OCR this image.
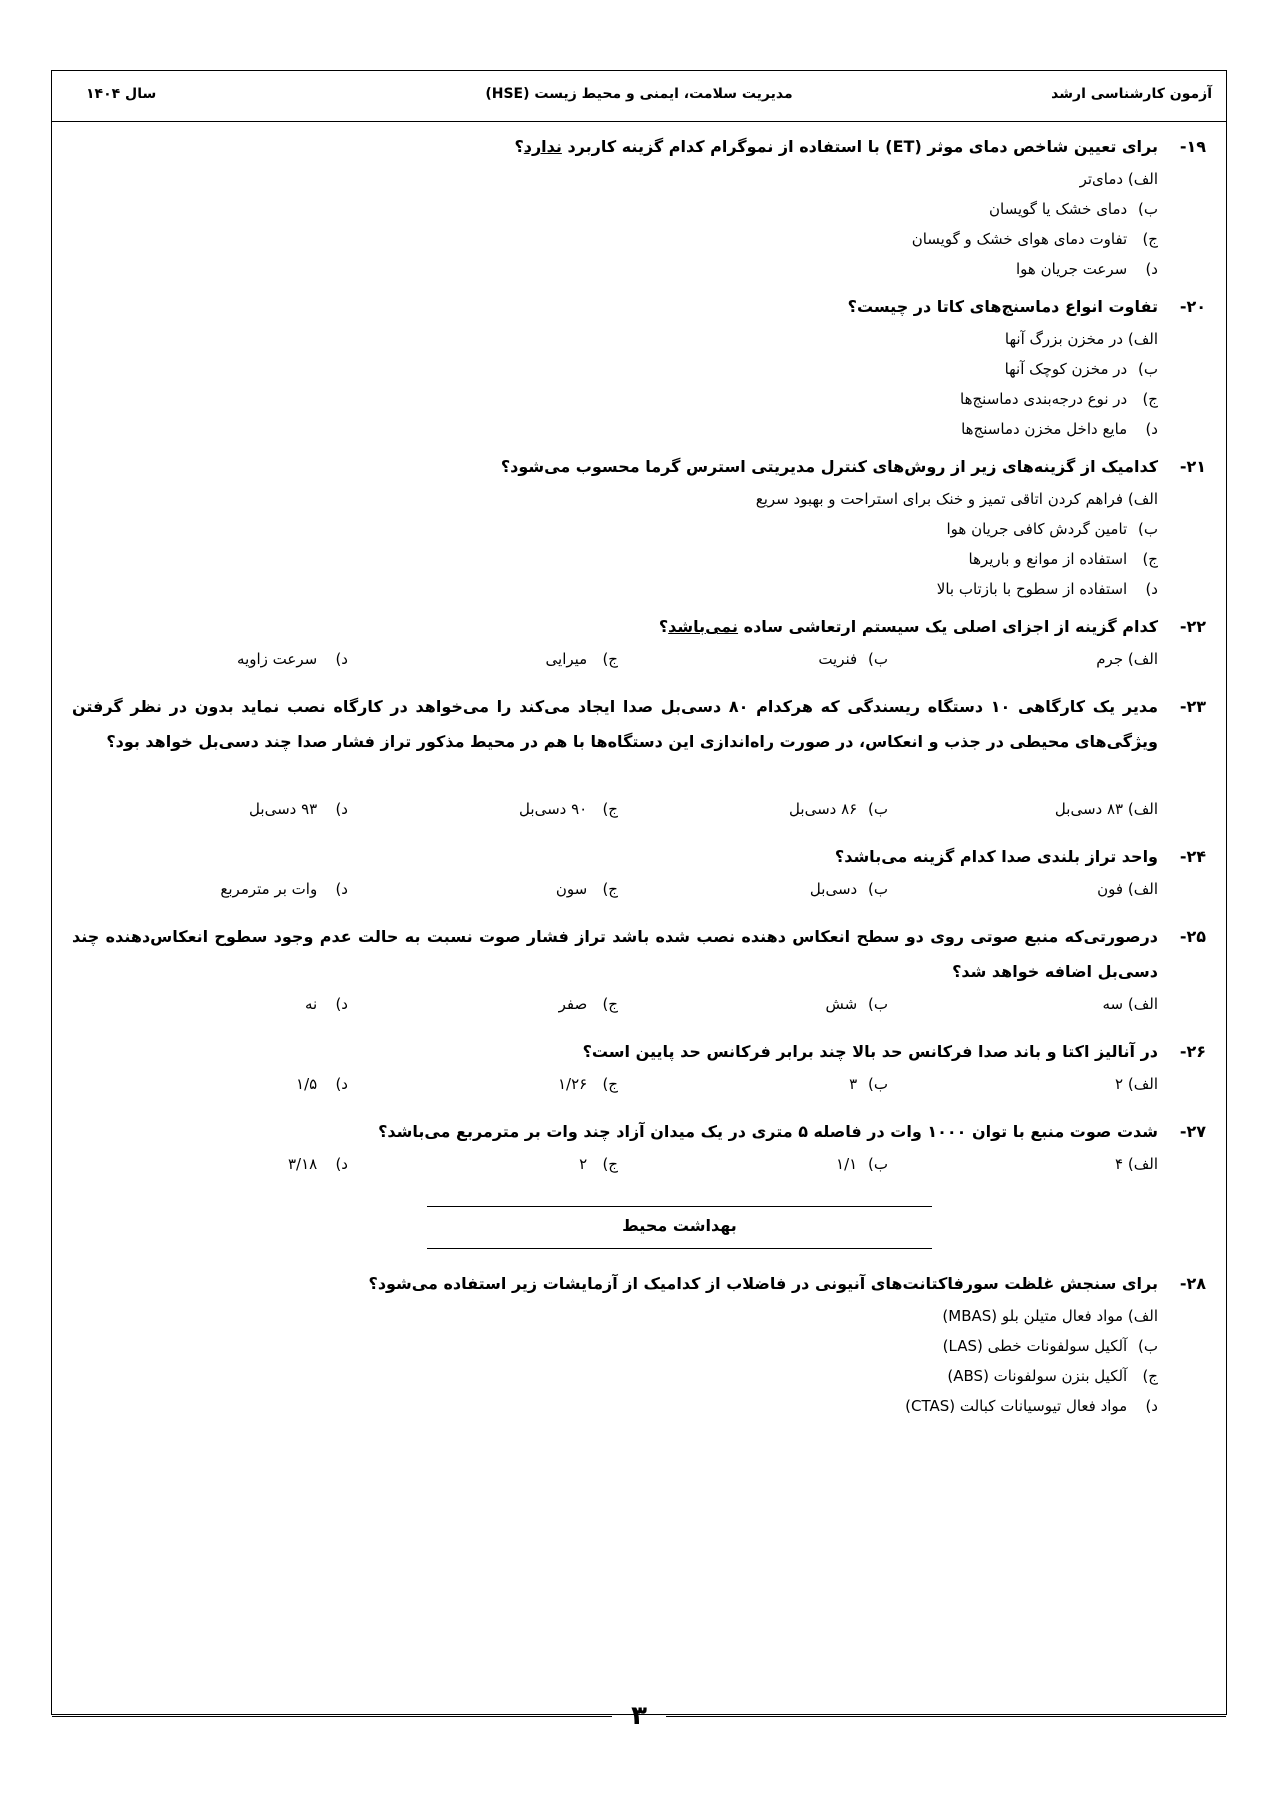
آزمون کارشناسی ارشد
مدیریت سلامت، ایمنی و محیط زیست (HSE)
سال ۱۴۰۴
۱۹-
برای تعیین شاخص دمای موثر (ET) با استفاده از نموگرام کدام گزینه کاربرد ندارد؟
الف) دمای‌تر
ب) دمای خشک یا گویسان
ج) تفاوت دمای هوای خشک و گویسان
د) سرعت جریان هوا
۲۰-
تفاوت انواع دماسنج‌های کاتا در چیست؟
الف) در مخزن بزرگ آنها
ب) در مخزن کوچک آنها
ج) در نوع درجه‌بندی دماسنج‌ها
د) مایع داخل مخزن دماسنج‌ها
۲۱-
کدامیک از گزینه‌های زیر از روش‌های کنترل مدیریتی استرس گرما محسوب می‌شود؟
الف) فراهم کردن اتاقی تمیز و خنک برای استراحت و بهبود سریع
ب) تامین گردش کافی جریان هوا
ج) استفاده از موانع و باریرها
د) استفاده از سطوح با بازتاب بالا
۲۲-
کدام گزینه از اجزای اصلی یک سیستم ارتعاشی ساده نمی‌باشد؟
الف) جرم
ب) فنریت
ج) میرایی
د) سرعت زاویه
۲۳-
مدیر یک کارگاهی ۱۰ دستگاه ریسندگی که هرکدام ۸۰ دسی‌بل صدا ایجاد می‌کند را می‌خواهد در کارگاه نصب نماید بدون در نظر گرفتن ویژگی‌های محیطی در جذب و انعکاس، در صورت راه‌اندازی این دستگاه‌ها با هم در محیط مذکور تراز فشار صدا چند دسی‌بل خواهد بود؟
الف) ۸۳ دسی‌بل
ب) ۸۶ دسی‌بل
ج) ۹۰ دسی‌بل
د) ۹۳ دسی‌بل
۲۴-
واحد تراز بلندی صدا کدام گزینه می‌باشد؟
الف) فون
ب) دسی‌بل
ج) سون
د) وات بر مترمربع
۲۵-
درصورتی‌که منبع صوتی روی دو سطح انعکاس دهنده نصب شده باشد تراز فشار صوت نسبت به حالت عدم وجود سطوح انعکاس‌دهنده چند دسی‌بل اضافه خواهد شد؟
الف) سه
ب) شش
ج) صفر
د) نه
۲۶-
در آنالیز اکتا و باند صدا فرکانس حد بالا چند برابر فرکانس حد پایین است؟
الف) ۲
ب) ۳
ج) ۱/۲۶
د) ۱/۵
۲۷-
شدت صوت منبع با توان ۱۰۰۰ وات در فاصله ۵ متری در یک میدان آزاد چند وات بر مترمربع می‌باشد؟
الف) ۴
ب) ۱/۱
ج) ۲
د) ۳/۱۸
بهداشت محیط
۲۸-
برای سنجش غلظت سورفاکتانت‌های آنیونی در فاضلاب از کدامیک از آزمایشات زیر استفاده می‌شود؟
الف) مواد فعال متیلن بلو (MBAS)
ب) آلکیل سولفونات خطی (LAS)
ج) آلکیل بنزن سولفونات (ABS)
د) مواد فعال تیوسیانات کبالت (CTAS)
۳
